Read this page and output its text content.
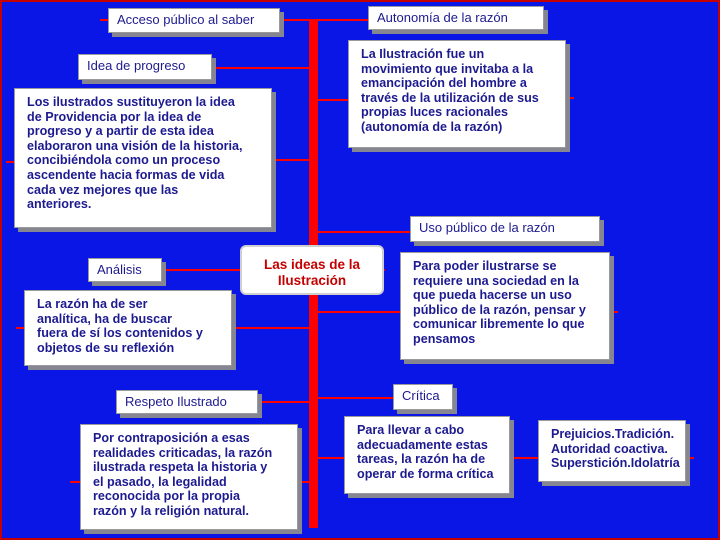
Las ideas de la
Ilustración
Acceso público al saber	Autonomía de la razón
Idea de progreso
La Ilustración fue un
movimiento que invitaba a la
emancipación del hombre a
través de la utilización de sus
propias luces racionales
(autonomía de la razón)
Los ilustrados sustituyeron la idea
de Providencia por la idea de
progreso y a partir de esta idea
elaboraron una visión de la historia,
concibiéndola como un proceso
ascendente hacia formas de vida
cada vez mejores que las
anteriores.
Uso público de la razón
Análisis	Para poder ilustrarse se
requiere una sociedad en la
que pueda hacerse un uso
público de la razón, pensar y
comunicar libremente lo que
pensamos
La razón ha de ser
analítica, ha de buscar
fuera de sí los contenidos y
objetos de su reflexión
Crítica
Respeto Ilustrado
Por contraposición a esas
realidades criticadas, la razón
ilustrada respeta la historia y
el pasado, la legalidad
reconocida por la propia
razón y la religión natural.
Para llevar a cabo
adecuadamente estas
tareas, la razón ha de
operar de forma crítica
Prejuicios.Tradición.
Autoridad coactiva.
Superstición.Idolatría
